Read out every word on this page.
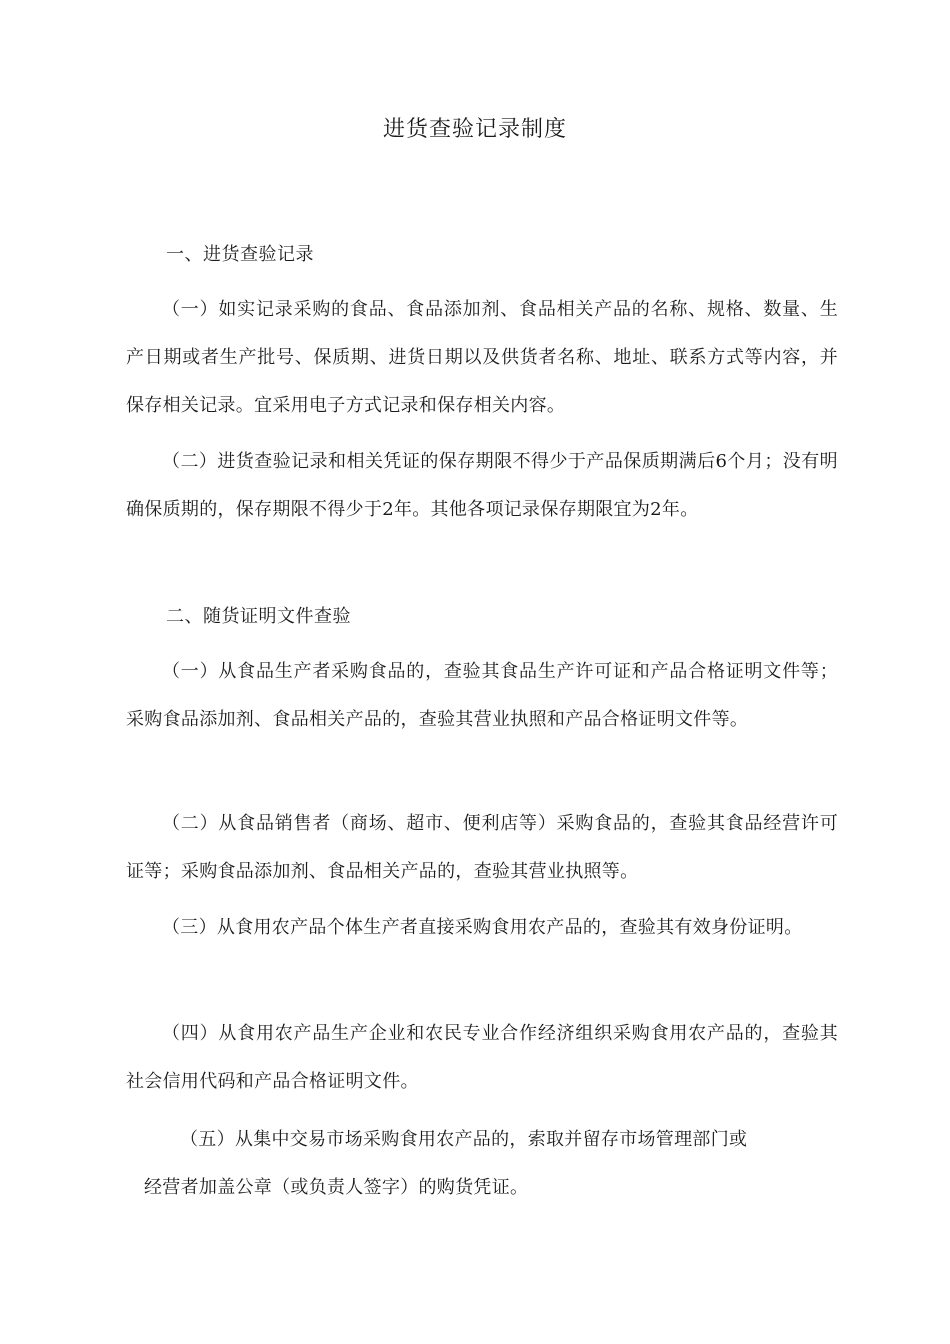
进货查验记录制度
一、进货查验记录
（一）如实记录采购的食品、食品添加剂、食品相关产品的名称、规格、数量、生产日期或者生产批号、保质期、进货日期以及供货者名称、地址、联系方式等内容，并保存相关记录。宜采用电子方式记录和保存相关内容。
（二）进货查验记录和相关凭证的保存期限不得少于产品保质期满后6个月；没有明确保质期的，保存期限不得少于2年。其他各项记录保存期限宜为2年。
二、随货证明文件查验
（一）从食品生产者采购食品的，查验其食品生产许可证和产品合格证明文件等；采购食品添加剂、食品相关产品的，查验其营业执照和产品合格证明文件等。
（二）从食品销售者（商场、超市、便利店等）采购食品的，查验其食品经营许可证等；采购食品添加剂、食品相关产品的，查验其营业执照等。
（三）从食用农产品个体生产者直接采购食用农产品的，查验其有效身份证明。
（四）从食用农产品生产企业和农民专业合作经济组织采购食用农产品的，查验其社会信用代码和产品合格证明文件。
（五）从集中交易市场采购食用农产品的，索取并留存市场管理部门或
经营者加盖公章（或负责人签字）的购货凭证。
